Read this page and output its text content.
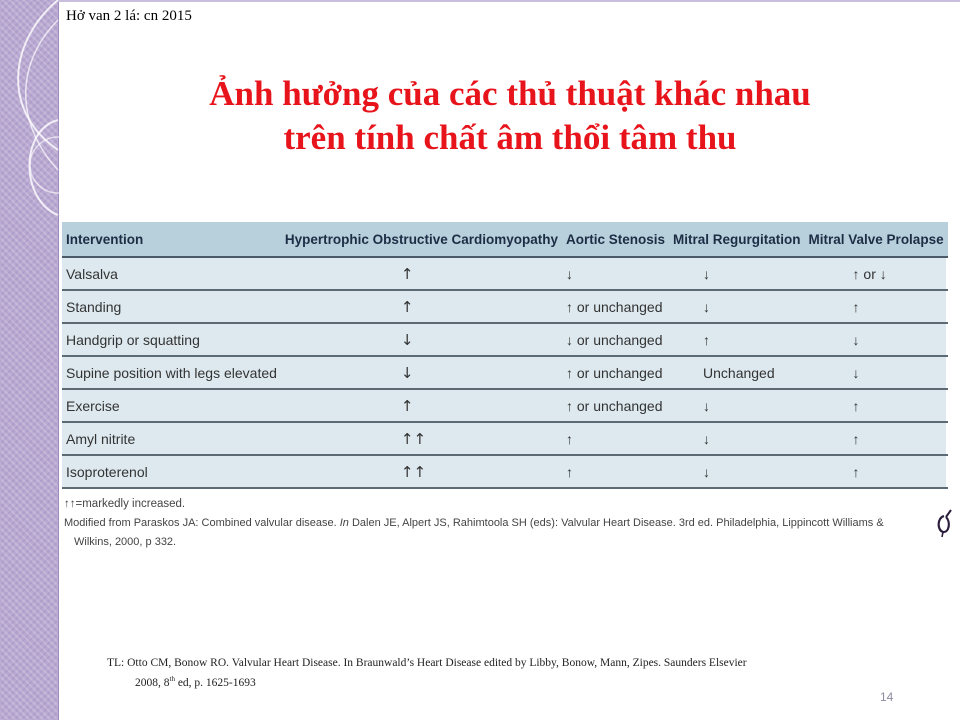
Hở van 2 lá: cn 2015
Ảnh hưởng của các thủ thuật khác nhau
trên tính chất âm thổi tâm thu
Intervention	Hypertrophic Obstructive Cardiomyopathy	Aortic Stenosis	Mitral Regurgitation	Mitral Valve Prolapse
Valsalva	↑	↓	↓	↑ or ↓
Standing	↑	↑ or unchanged	↓	↑
Handgrip or squatting	↓	↓ or unchanged	↑	↓
Supine position with legs elevated	↓	↑ or unchanged	Unchanged	↓
Exercise	↑	↑ or unchanged	↓	↑
Amyl nitrite	↑↑	↑	↓	↑
Isoproterenol	↑↑	↑	↓	↑
↑↑=markedly increased.
Modified from Paraskos JA: Combined valvular disease. In Dalen JE, Alpert JS, Rahimtoola SH (eds): Valvular Heart Disease. 3rd ed. Philadelphia, Lippincott Williams &
Wilkins, 2000, p 332.
TL: Otto CM, Bonow RO. Valvular Heart Disease. In Braunwald’s Heart Disease edited by Libby, Bonow, Mann, Zipes. Saunders Elsevier
2008, 8th ed, p. 1625-1693
14
